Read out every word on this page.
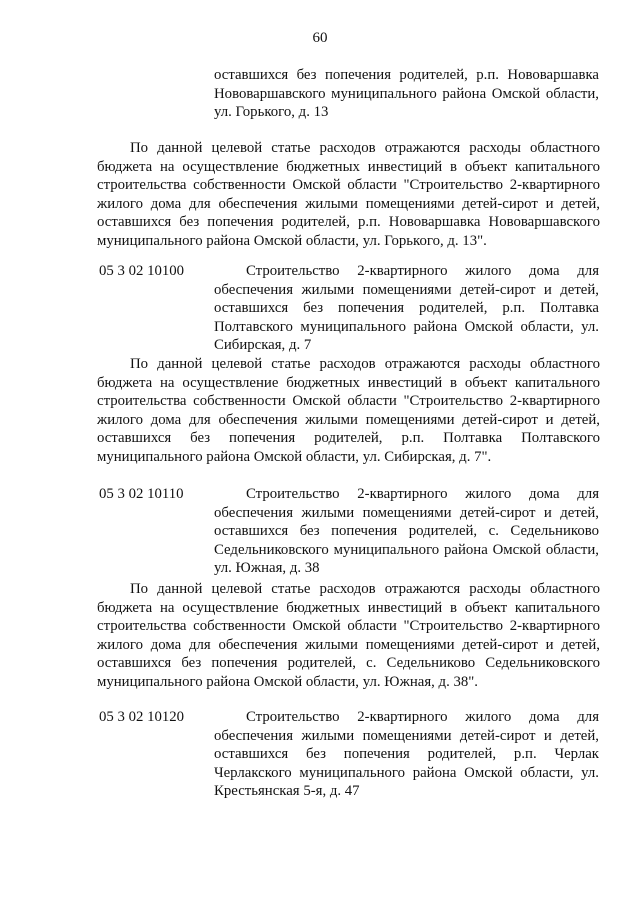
60
оставшихся без попечения родителей, р.п. Нововаршавка Нововаршавского муниципального района Омской области, ул. Горького, д. 13
По данной целевой статье расходов отражаются расходы областного бюджета на осуществление бюджетных инвестиций в объект капитального строительства собственности Омской области "Строительство 2-квартирного жилого дома для обеспечения жилыми помещениями детей-сирот и детей, оставшихся без попечения родителей, р.п. Нововаршавка Нововаршавского муниципального района Омской области, ул. Горького, д. 13".
05 3 02 10100	Строительство 2-квартирного жилого дома для обеспечения жилыми помещениями детей-сирот и детей, оставшихся без попечения родителей, р.п. Полтавка Полтавского муниципального района Омской области, ул. Сибирская, д. 7
По данной целевой статье расходов отражаются расходы областного бюджета на осуществление бюджетных инвестиций в объект капитального строительства собственности Омской области "Строительство 2-квартирного жилого дома для обеспечения жилыми помещениями детей-сирот и детей, оставшихся без попечения родителей, р.п. Полтавка Полтавского муниципального района Омской области, ул. Сибирская, д. 7".
05 3 02 10110	Строительство 2-квартирного жилого дома для обеспечения жилыми помещениями детей-сирот и детей, оставшихся без попечения родителей, с. Седельниково Седельниковского муниципального района Омской области, ул. Южная, д. 38
По данной целевой статье расходов отражаются расходы областного бюджета на осуществление бюджетных инвестиций в объект капитального строительства собственности Омской области "Строительство 2-квартирного жилого дома для обеспечения жилыми помещениями детей-сирот и детей, оставшихся без попечения родителей, с. Седельниково Седельниковского муниципального района Омской области, ул. Южная, д. 38".
05 3 02 10120	Строительство 2-квартирного жилого дома для обеспечения жилыми помещениями детей-сирот и детей, оставшихся без попечения родителей, р.п. Черлак Черлакского муниципального района Омской области, ул. Крестьянская 5-я, д. 47
